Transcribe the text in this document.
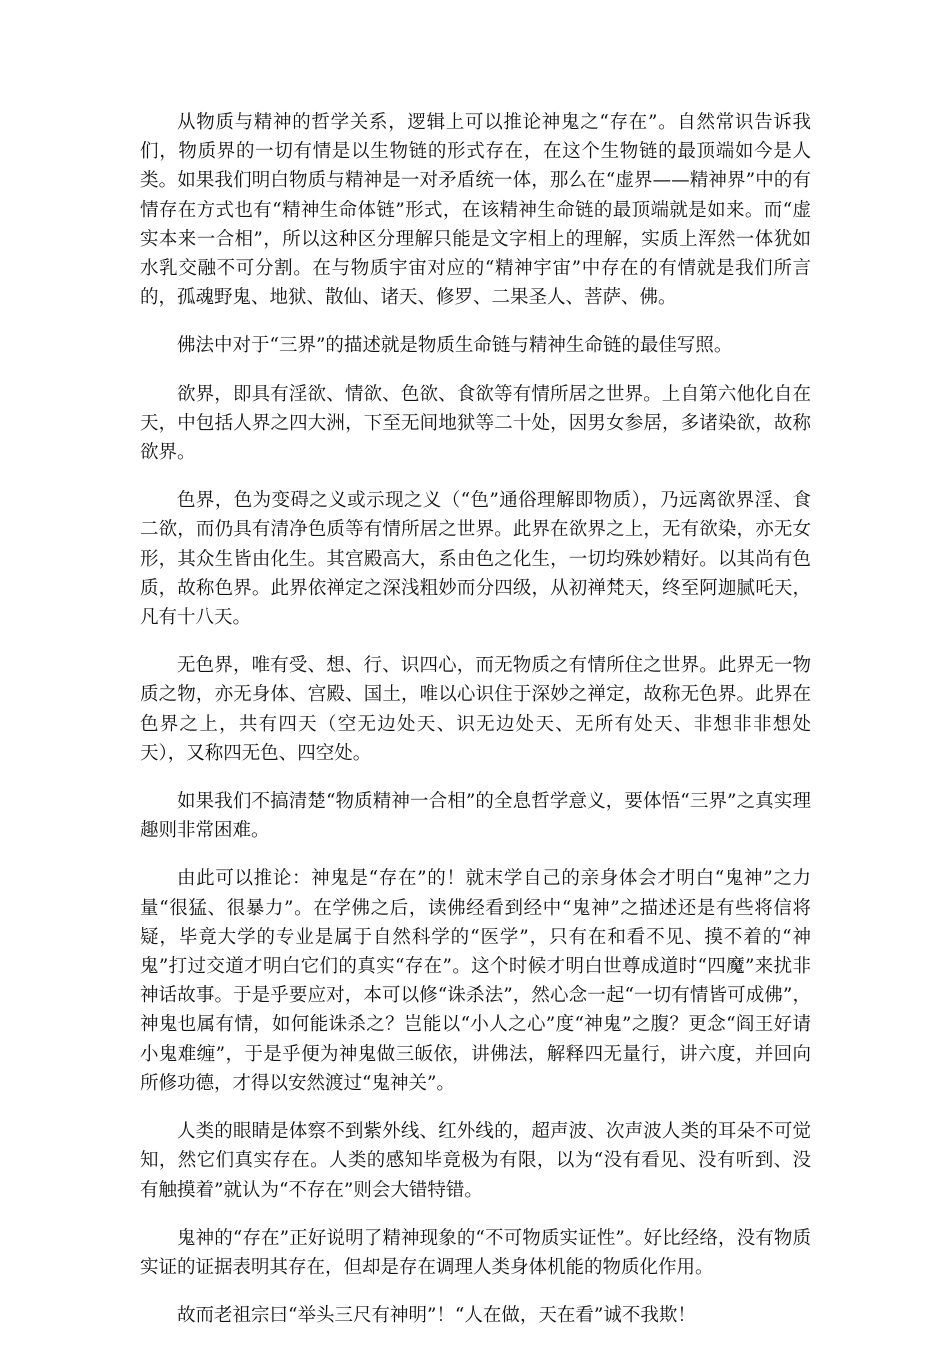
从物质与精神的哲学关系，逻辑上可以推论神鬼之“存在”。自然常识告诉我们，物质界的一切有情是以生物链的形式存在，在这个生物链的最顶端如今是人类。如果我们明白物质与精神是一对矛盾统一体，那么在“虚界——精神界”中的有情存在方式也有“精神生命体链”形式，在该精神生命链的最顶端就是如来。而“虚实本来一合相”，所以这种区分理解只能是文字相上的理解，实质上浑然一体犹如水乳交融不可分割。在与物质宇宙对应的“精神宇宙”中存在的有情就是我们所言的，孤魂野鬼、地狱、散仙、诸天、修罗、二果圣人、菩萨、佛。

佛法中对于“三界”的描述就是物质生命链与精神生命链的最佳写照。

欲界，即具有淫欲、情欲、色欲、食欲等有情所居之世界。上自第六他化自在天，中包括人界之四大洲，下至无间地狱等二十处，因男女参居，多诸染欲，故称欲界。

色界，色为变碍之义或示现之义（“色”通俗理解即物质），乃远离欲界淫、食二欲，而仍具有清净色质等有情所居之世界。此界在欲界之上，无有欲染，亦无女形，其众生皆由化生。其宫殿高大，系由色之化生，一切均殊妙精好。以其尚有色质，故称色界。此界依禅定之深浅粗妙而分四级，从初禅梵天，终至阿迦腻吒天，凡有十八天。

无色界，唯有受、想、行、识四心，而无物质之有情所住之世界。此界无一物质之物，亦无身体、宫殿、国土，唯以心识住于深妙之禅定，故称无色界。此界在色界之上，共有四天（空无边处天、识无边处天、无所有处天、非想非非想处天），又称四无色、四空处。

如果我们不搞清楚“物质精神一合相”的全息哲学意义，要体悟“三界”之真实理趣则非常困难。

由此可以推论：神鬼是“存在”的！就末学自己的亲身体会才明白“鬼神”之力量“很猛、很暴力”。在学佛之后，读佛经看到经中“鬼神”之描述还是有些将信将疑，毕竟大学的专业是属于自然科学的“医学”，只有在和看不见、摸不着的“神鬼”打过交道才明白它们的真实“存在”。这个时候才明白世尊成道时“四魔”来扰非神话故事。于是乎要应对，本可以修“诛杀法”，然心念一起“一切有情皆可成佛”，神鬼也属有情，如何能诛杀之？岂能以“小人之心”度“神鬼”之腹？更念“阎王好请小鬼难缠”，于是乎便为神鬼做三皈依，讲佛法，解释四无量行，讲六度，并回向所修功德，才得以安然渡过“鬼神关”。

人类的眼睛是体察不到紫外线、红外线的，超声波、次声波人类的耳朵不可觉知，然它们真实存在。人类的感知毕竟极为有限，以为“没有看见、没有听到、没有触摸着”就认为“不存在”则会大错特错。

鬼神的“存在”正好说明了精神现象的“不可物质实证性”。好比经络，没有物质实证的证据表明其存在，但却是存在调理人类身体机能的物质化作用。

故而老祖宗曰“举头三尺有神明”！“人在做，天在看”诚不我欺！
